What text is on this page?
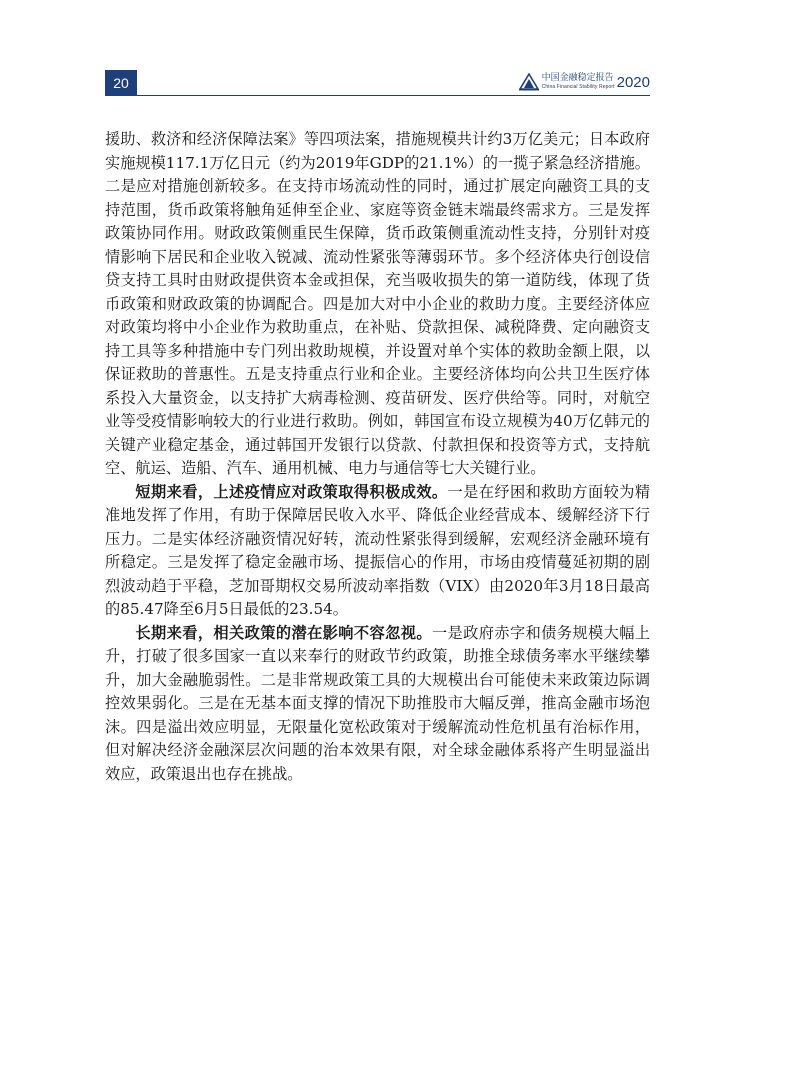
20	中国金融稳定报告
China Financial Stability Report 2020

援助、救济和经济保障法案》等四项法案，措施规模共计约3万亿美元；日本政府实施规模117.1万亿日元（约为2019年GDP的21.1%）的一揽子紧急经济措施。二是应对措施创新较多。在支持市场流动性的同时，通过扩展定向融资工具的支持范围，货币政策将触角延伸至企业、家庭等资金链末端最终需求方。三是发挥政策协同作用。财政政策侧重民生保障，货币政策侧重流动性支持，分别针对疫情影响下居民和企业收入锐减、流动性紧张等薄弱环节。多个经济体央行创设信贷支持工具时由财政提供资本金或担保，充当吸收损失的第一道防线，体现了货币政策和财政政策的协调配合。四是加大对中小企业的救助力度。主要经济体应对政策均将中小企业作为救助重点，在补贴、贷款担保、减税降费、定向融资支持工具等多种措施中专门列出救助规模，并设置对单个实体的救助金额上限，以保证救助的普惠性。五是支持重点行业和企业。主要经济体均向公共卫生医疗体系投入大量资金，以支持扩大病毒检测、疫苗研发、医疗供给等。同时，对航空业等受疫情影响较大的行业进行救助。例如，韩国宣布设立规模为40万亿韩元的关键产业稳定基金，通过韩国开发银行以贷款、付款担保和投资等方式，支持航空、航运、造船、汽车、通用机械、电力与通信等七大关键行业。

短期来看，上述疫情应对政策取得积极成效。一是在纾困和救助方面较为精准地发挥了作用，有助于保障居民收入水平、降低企业经营成本、缓解经济下行压力。二是实体经济融资情况好转，流动性紧张得到缓解，宏观经济金融环境有所稳定。三是发挥了稳定金融市场、提振信心的作用，市场由疫情蔓延初期的剧烈波动趋于平稳，芝加哥期权交易所波动率指数（VIX）由2020年3月18日最高的85.47降至6月5日最低的23.54。

长期来看，相关政策的潜在影响不容忽视。一是政府赤字和债务规模大幅上升，打破了很多国家一直以来奉行的财政节约政策，助推全球债务率水平继续攀升，加大金融脆弱性。二是非常规政策工具的大规模出台可能使未来政策边际调控效果弱化。三是在无基本面支撑的情况下助推股市大幅反弹，推高金融市场泡沫。四是溢出效应明显，无限量化宽松政策对于缓解流动性危机虽有治标作用，但对解决经济金融深层次问题的治本效果有限，对全球金融体系将产生明显溢出效应，政策退出也存在挑战。
